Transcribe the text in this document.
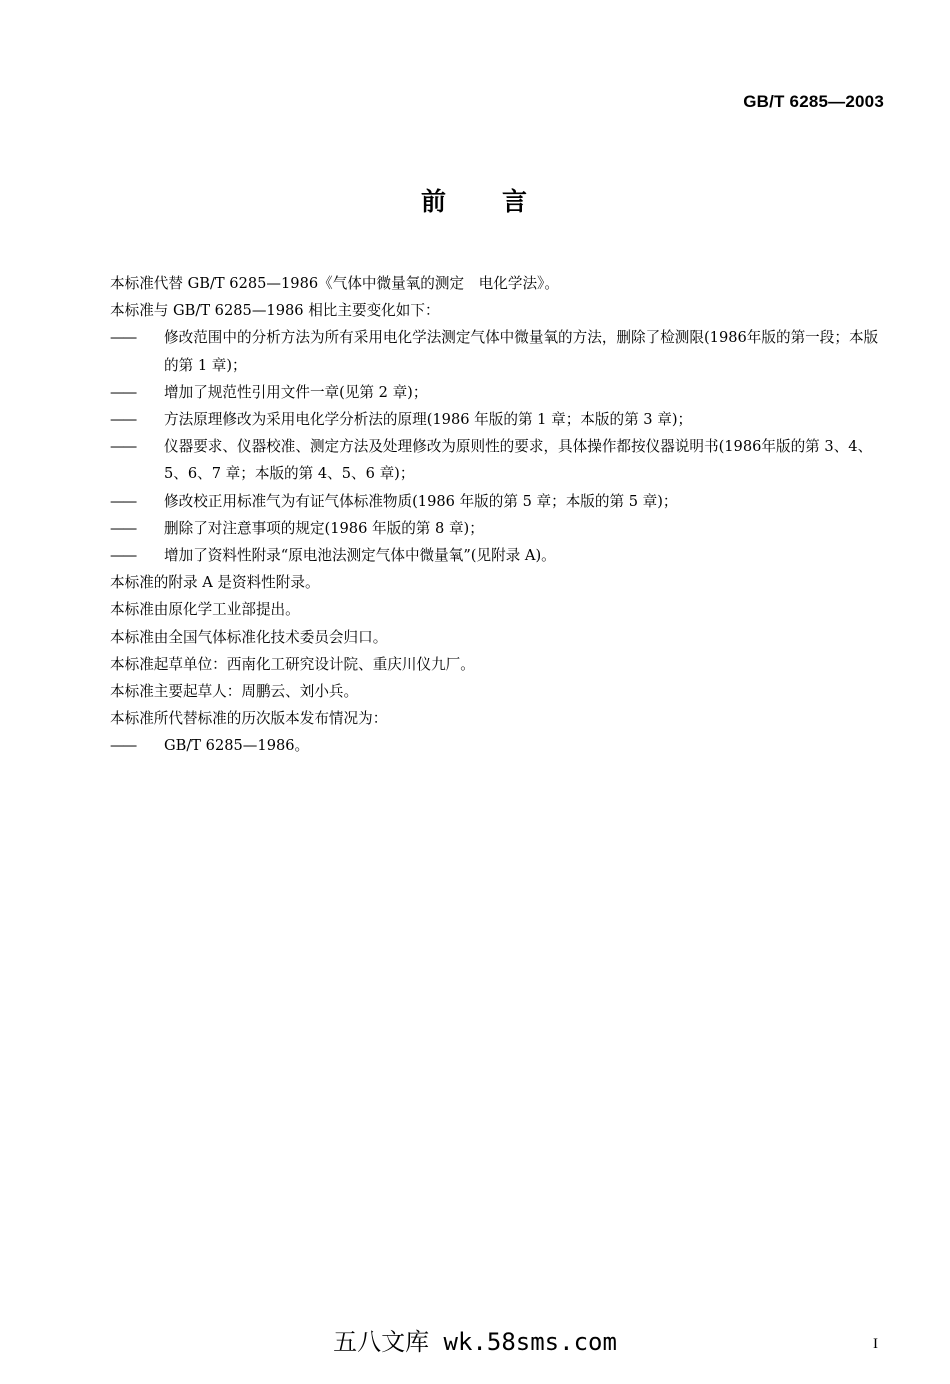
GB/T 6285—2003
前 言
本标准代替 GB/T 6285—1986《气体中微量氧的测定　电化学法》。
本标准与 GB/T 6285—1986 相比主要变化如下：
——	修改范围中的分析方法为所有采用电化学法测定气体中微量氧的方法，删除了检测限(1986年版的第一段；本版的第 1 章)；
——	增加了规范性引用文件一章(见第 2 章)；
——	方法原理修改为采用电化学分析法的原理(1986 年版的第 1 章；本版的第 3 章)；
——	仪器要求、仪器校准、测定方法及处理修改为原则性的要求，具体操作都按仪器说明书(1986年版的第 3、4、5、6、7 章；本版的第 4、5、6 章)；
——	修改校正用标准气为有证气体标准物质(1986 年版的第 5 章；本版的第 5 章)；
——	删除了对注意事项的规定(1986 年版的第 8 章)；
——	增加了资料性附录“原电池法测定气体中微量氧”(见附录 A)。
本标准的附录 A 是资料性附录。
本标准由原化学工业部提出。
本标准由全国气体标准化技术委员会归口。
本标准起草单位：西南化工研究设计院、重庆川仪九厂。
本标准主要起草人：周鹏云、刘小兵。
本标准所代替标准的历次版本发布情况为：
——	GB/T 6285—1986。
五八文库 wk.58sms.com	I
